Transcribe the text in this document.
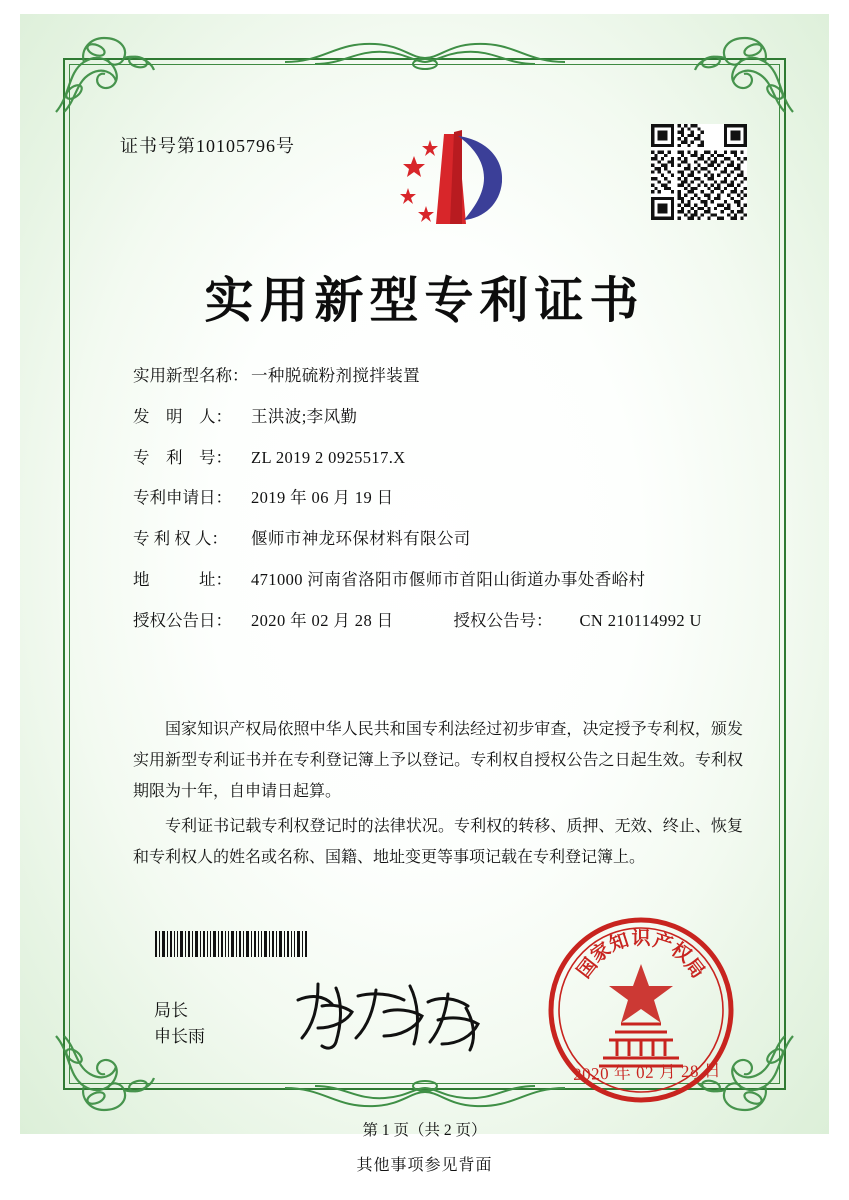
证书号第10105796号
实用新型专利证书
实用新型名称： 一种脱硫粉剂搅拌装置
发　明　人：	王洪波;李风勤
专　利　号：	ZL 2019 2 0925517.X
专利申请日：	2019 年 06 月 19 日
专 利 权 人：	偃师市神龙环保材料有限公司
地　　　址：	471000 河南省洛阳市偃师市首阳山街道办事处香峪村
授权公告日：	2020 年 02 月 28 日	授权公告号：	CN 210114992 U

国家知识产权局依照中华人民共和国专利法经过初步审查，决定授予专利权，颁发实用新型专利证书并在专利登记簿上予以登记。专利权自授权公告之日起生效。专利权期限为十年，自申请日起算。

专利证书记载专利权登记时的法律状况。专利权的转移、质押、无效、终止、恢复和专利权人的姓名或名称、国籍、地址变更等事项记载在专利登记簿上。

局长
申长雨
国
家
知 识 产
权
局
2020 年 02 月 28 日
第 1 页（共 2 页）
其他事项参见背面
